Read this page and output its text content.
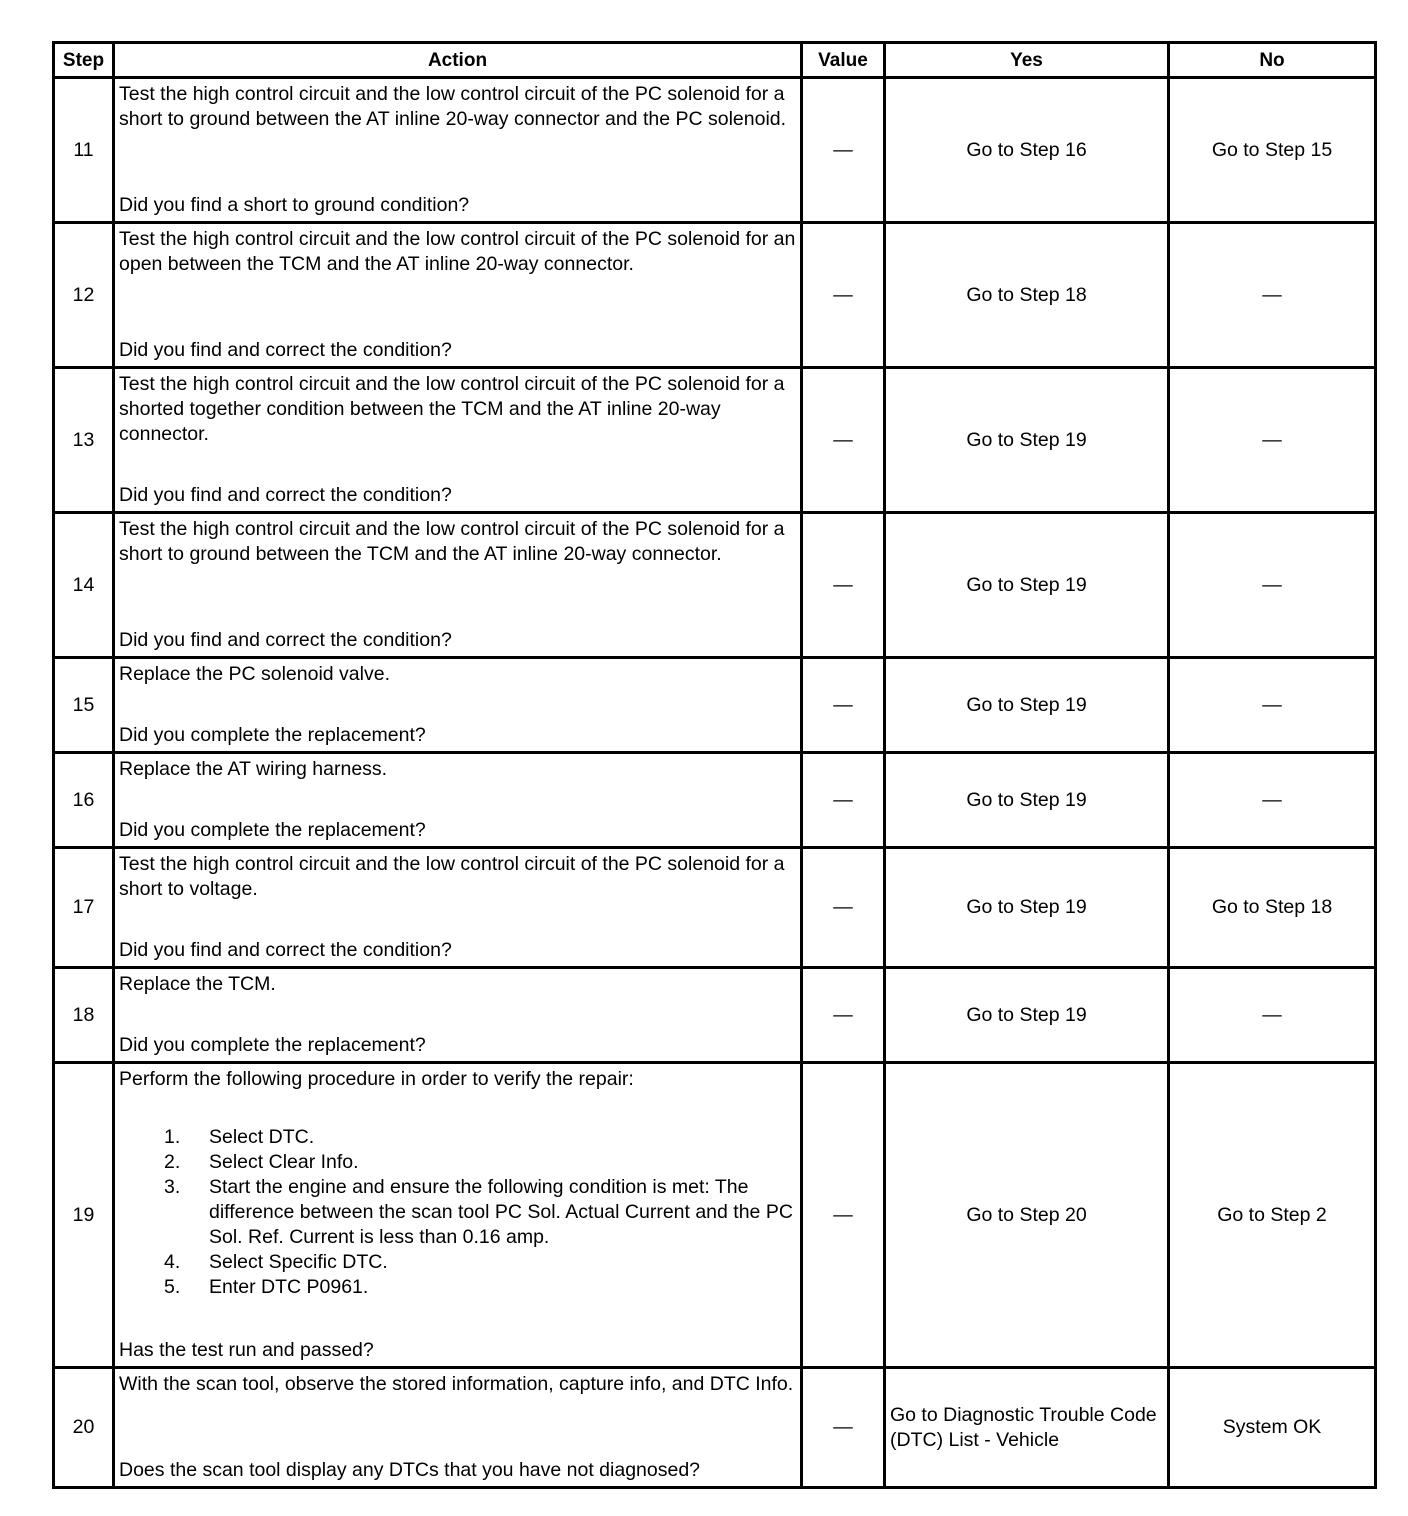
Step	Action	Value	Yes	No
11	Test the high control circuit and the low control circuit of the PC solenoid for a short to ground between the AT inline 20-way connector and the PC solenoid.
Did you find a short to ground condition?	—	Go to Step 16	Go to Step 15
12	Test the high control circuit and the low control circuit of the PC solenoid for an open between the TCM and the AT inline 20-way connector.
Did you find and correct the condition?	—	Go to Step 18	—
13	Test the high control circuit and the low control circuit of the PC solenoid for a shorted together condition between the TCM and the AT inline 20-way connector.
Did you find and correct the condition?	—	Go to Step 19	—
14	Test the high control circuit and the low control circuit of the PC solenoid for a short to ground between the TCM and the AT inline 20-way connector.
Did you find and correct the condition?	—	Go to Step 19	—
15	Replace the PC solenoid valve.
Did you complete the replacement?	—	Go to Step 19	—
16	Replace the AT wiring harness.
Did you complete the replacement?	—	Go to Step 19	—
17	Test the high control circuit and the low control circuit of the PC solenoid for a short to voltage.
Did you find and correct the condition?	—	Go to Step 19	Go to Step 18
18	Replace the TCM.
Did you complete the replacement?	—	Go to Step 19	—
19	
Perform the following procedure in order to verify the repair:
1. Select DTC.
2. Select Clear Info.
3. Start the engine and ensure the following condition is met: The difference between the scan tool PC Sol. Actual Current and the PC Sol. Ref. Current is less than 0.16 amp.
4. Select Specific DTC.
5. Enter DTC P0961.
Has the test run and passed?
	—	Go to Step 20	Go to Step 2
20	With the scan tool, observe the stored information, capture info, and DTC Info.
Does the scan tool display any DTCs that you have not diagnosed?	—	Go to Diagnostic Trouble Code (DTC) List - Vehicle	System OK
